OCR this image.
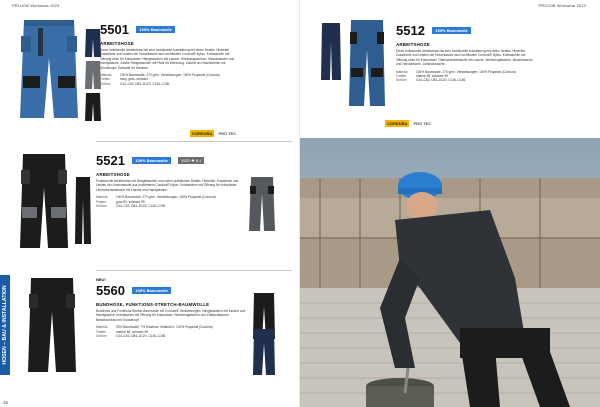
PROJOB Workwear 2023
5501	100% Baumwolle
ARBEITSHOSE
Diese funktionelle Arbeitshose hat eine funktionelle Ausstattung mit vielen Details. Hinterteil, Zusatzknie und Leisten der Hosentasche aus hochfestem Cordura® Nylon. Knietaschen mit Öffnung oben für Kniepolster. Hängetaschen mit Lasche. Werkzeugtaschen, Messertasche und Handytasche. Zweite Hängetaschen mit Platz für Werkzeug. Lasche an Hosenbeinen mit Druckknopf. Schlaufe für Hammer.
Material	100% Baumwolle, 270 g/m². Verstärkungen: 100% Polyamid (Cordura)
Farben	navy, grau, schwarz
Größen	C44–C62, D84–D120, C146–C156
CORDURA	PRO TEC
5521	100% Baumwolle	5522 ✚ 5.1
ARBEITSHOSE
Funktionelle Arbeitshose mit Hängetaschen und vielen praktischen Details. Hinterteil, Zusatzknie und Leisten der Hosentasche aus hochfestem Cordura® Nylon. Knietaschen mit Öffnung für Kniepolster. Oberschenkeltasche mit Lasche und Handytasche.
Material	100% Baumwolle, 270 g/m². Verstärkungen: 100% Polyamid (Cordura)
Farben	grau 90, schwarz 99
Größen	C44–C62, D84–D120, C146–C156
NEU!
5560	100% Baumwolle
BUNDHOSE, FUNKTIONS-STRETCH-BAUMWOLLE
Bundhose aus Funktions-Stretch-Baumwolle mit Cordura®-Verstärkungen. Hängetaschen mit Lasche und Handytasche. Knietaschen mit Öffnung für Kniepolster. Werkzeugtaschen und Zollstocktasche. Beinabschluss mit Druckknopf.
Material	93% Baumwolle, 7% Elasthan. Material 2: 100% Polyamid (Cordura)
Farben	marine 58, schwarz 99
Größen	C44–C62, D84–D120, C146–C156
HOSEN – BAU & INSTALLATION
16
PROJOB Workwear 2023
5512	100% Baumwolle
ARBEITSHOSE
Diese funktionelle Arbeitshose hat eine funktionelle Ausstattung mit vielen Details. Hinterteil, Zusatzknie und Leisten der Hosentasche aus hochfestem Cordura® Nylon. Knietaschen mit Öffnung oben für Kniepolster. Oberschenkeltasche mit Lasche. Werkzeugtaschen, Messertasche und Handytasche. Zollstocktasche.
Material	100% Baumwolle, 270 g/m². Verstärkungen: 100% Polyamid (Cordura)
Farben	marine 58, schwarz 99
Größen	C44–C62, D84–D120, C146–C156
CORDURA	PRO TEC
